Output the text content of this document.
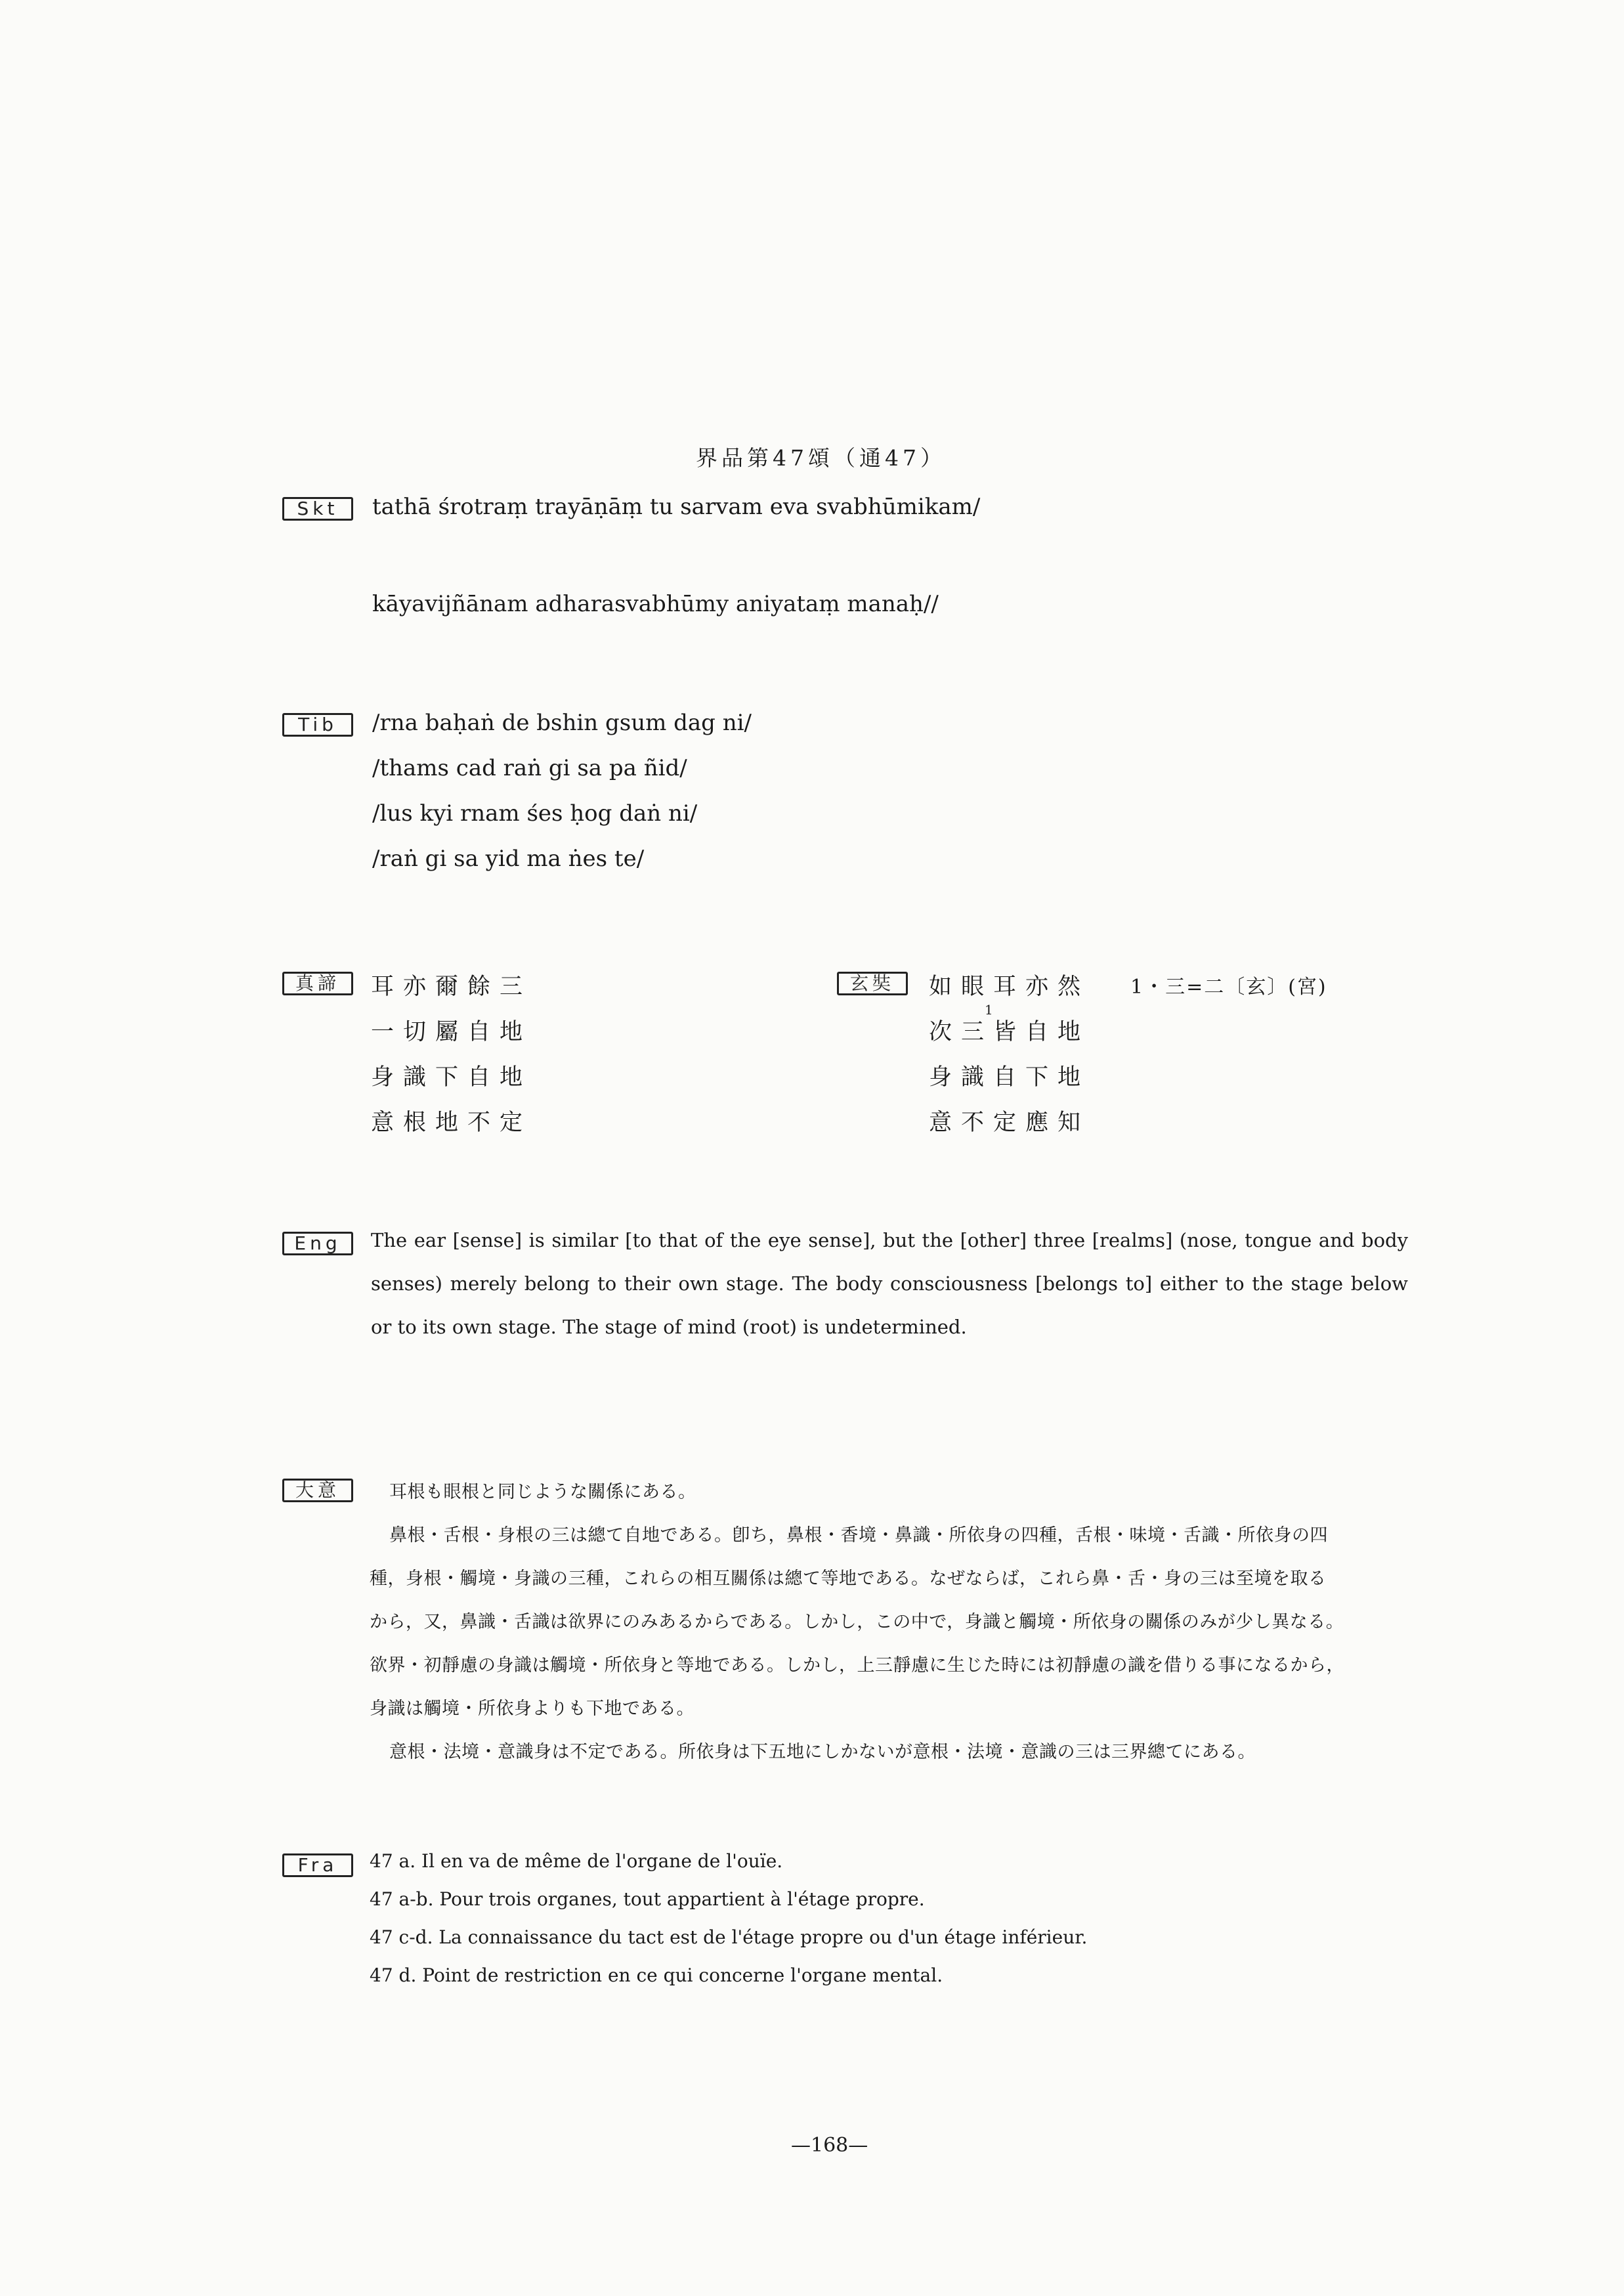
界品第47頌（通47）
Skt	tathā śrotraṃ trayāṇāṃ tu sarvam eva svabhūmikam/
kāyavijñānam adharasvabhūmy aniyataṃ manaḥ//
Tib	/rna baḥaṅ de bshin gsum dag ni/
/thams cad raṅ gi sa pa ñid/
/lus kyi rnam śes ḥog daṅ ni/
/raṅ gi sa yid ma ṅes te/
真諦	耳亦爾餘三
一切屬自地
身識下自地
意根地不定
玄奘	如眼耳亦然 1・三=二〔玄〕(宮)
1
次三皆自地
身識自下地
意不定應知
Eng	The ear [sense] is similar [to that of the eye sense], but the [other] three [realms] (nose, tongue and body senses) merely belong to their own stage. The body consciousness [belongs to] either to the stage below or to its own stage. The stage of mind (root) is undetermined.
大意	耳根も眼根と同じような關係にある。
鼻根・舌根・身根の三は總て自地である。卽ち，鼻根・香境・鼻識・所依身の四種，舌根・味境・舌識・所依身の四
種，身根・觸境・身識の三種，これらの相互關係は總て等地である。なぜならば，これら鼻・舌・身の三は至境を取る
から，又，鼻識・舌識は欲界にのみあるからである。しかし，この中で，身識と觸境・所依身の關係のみが少し異なる。
欲界・初靜慮の身識は觸境・所依身と等地である。しかし，上三靜慮に生じた時には初靜慮の識を借りる事になるから，
身識は觸境・所依身よりも下地である。
意根・法境・意識身は不定である。所依身は下五地にしかないが意根・法境・意識の三は三界總てにある。
Fra	47 a. Il en va de même de l'organe de l'ouïe.
47 a-b. Pour trois organes, tout appartient à l'étage propre.
47 c-d. La connaissance du tact est de l'étage propre ou d'un étage inférieur.
47 d. Point de restriction en ce qui concerne l'organe mental.
—168—
